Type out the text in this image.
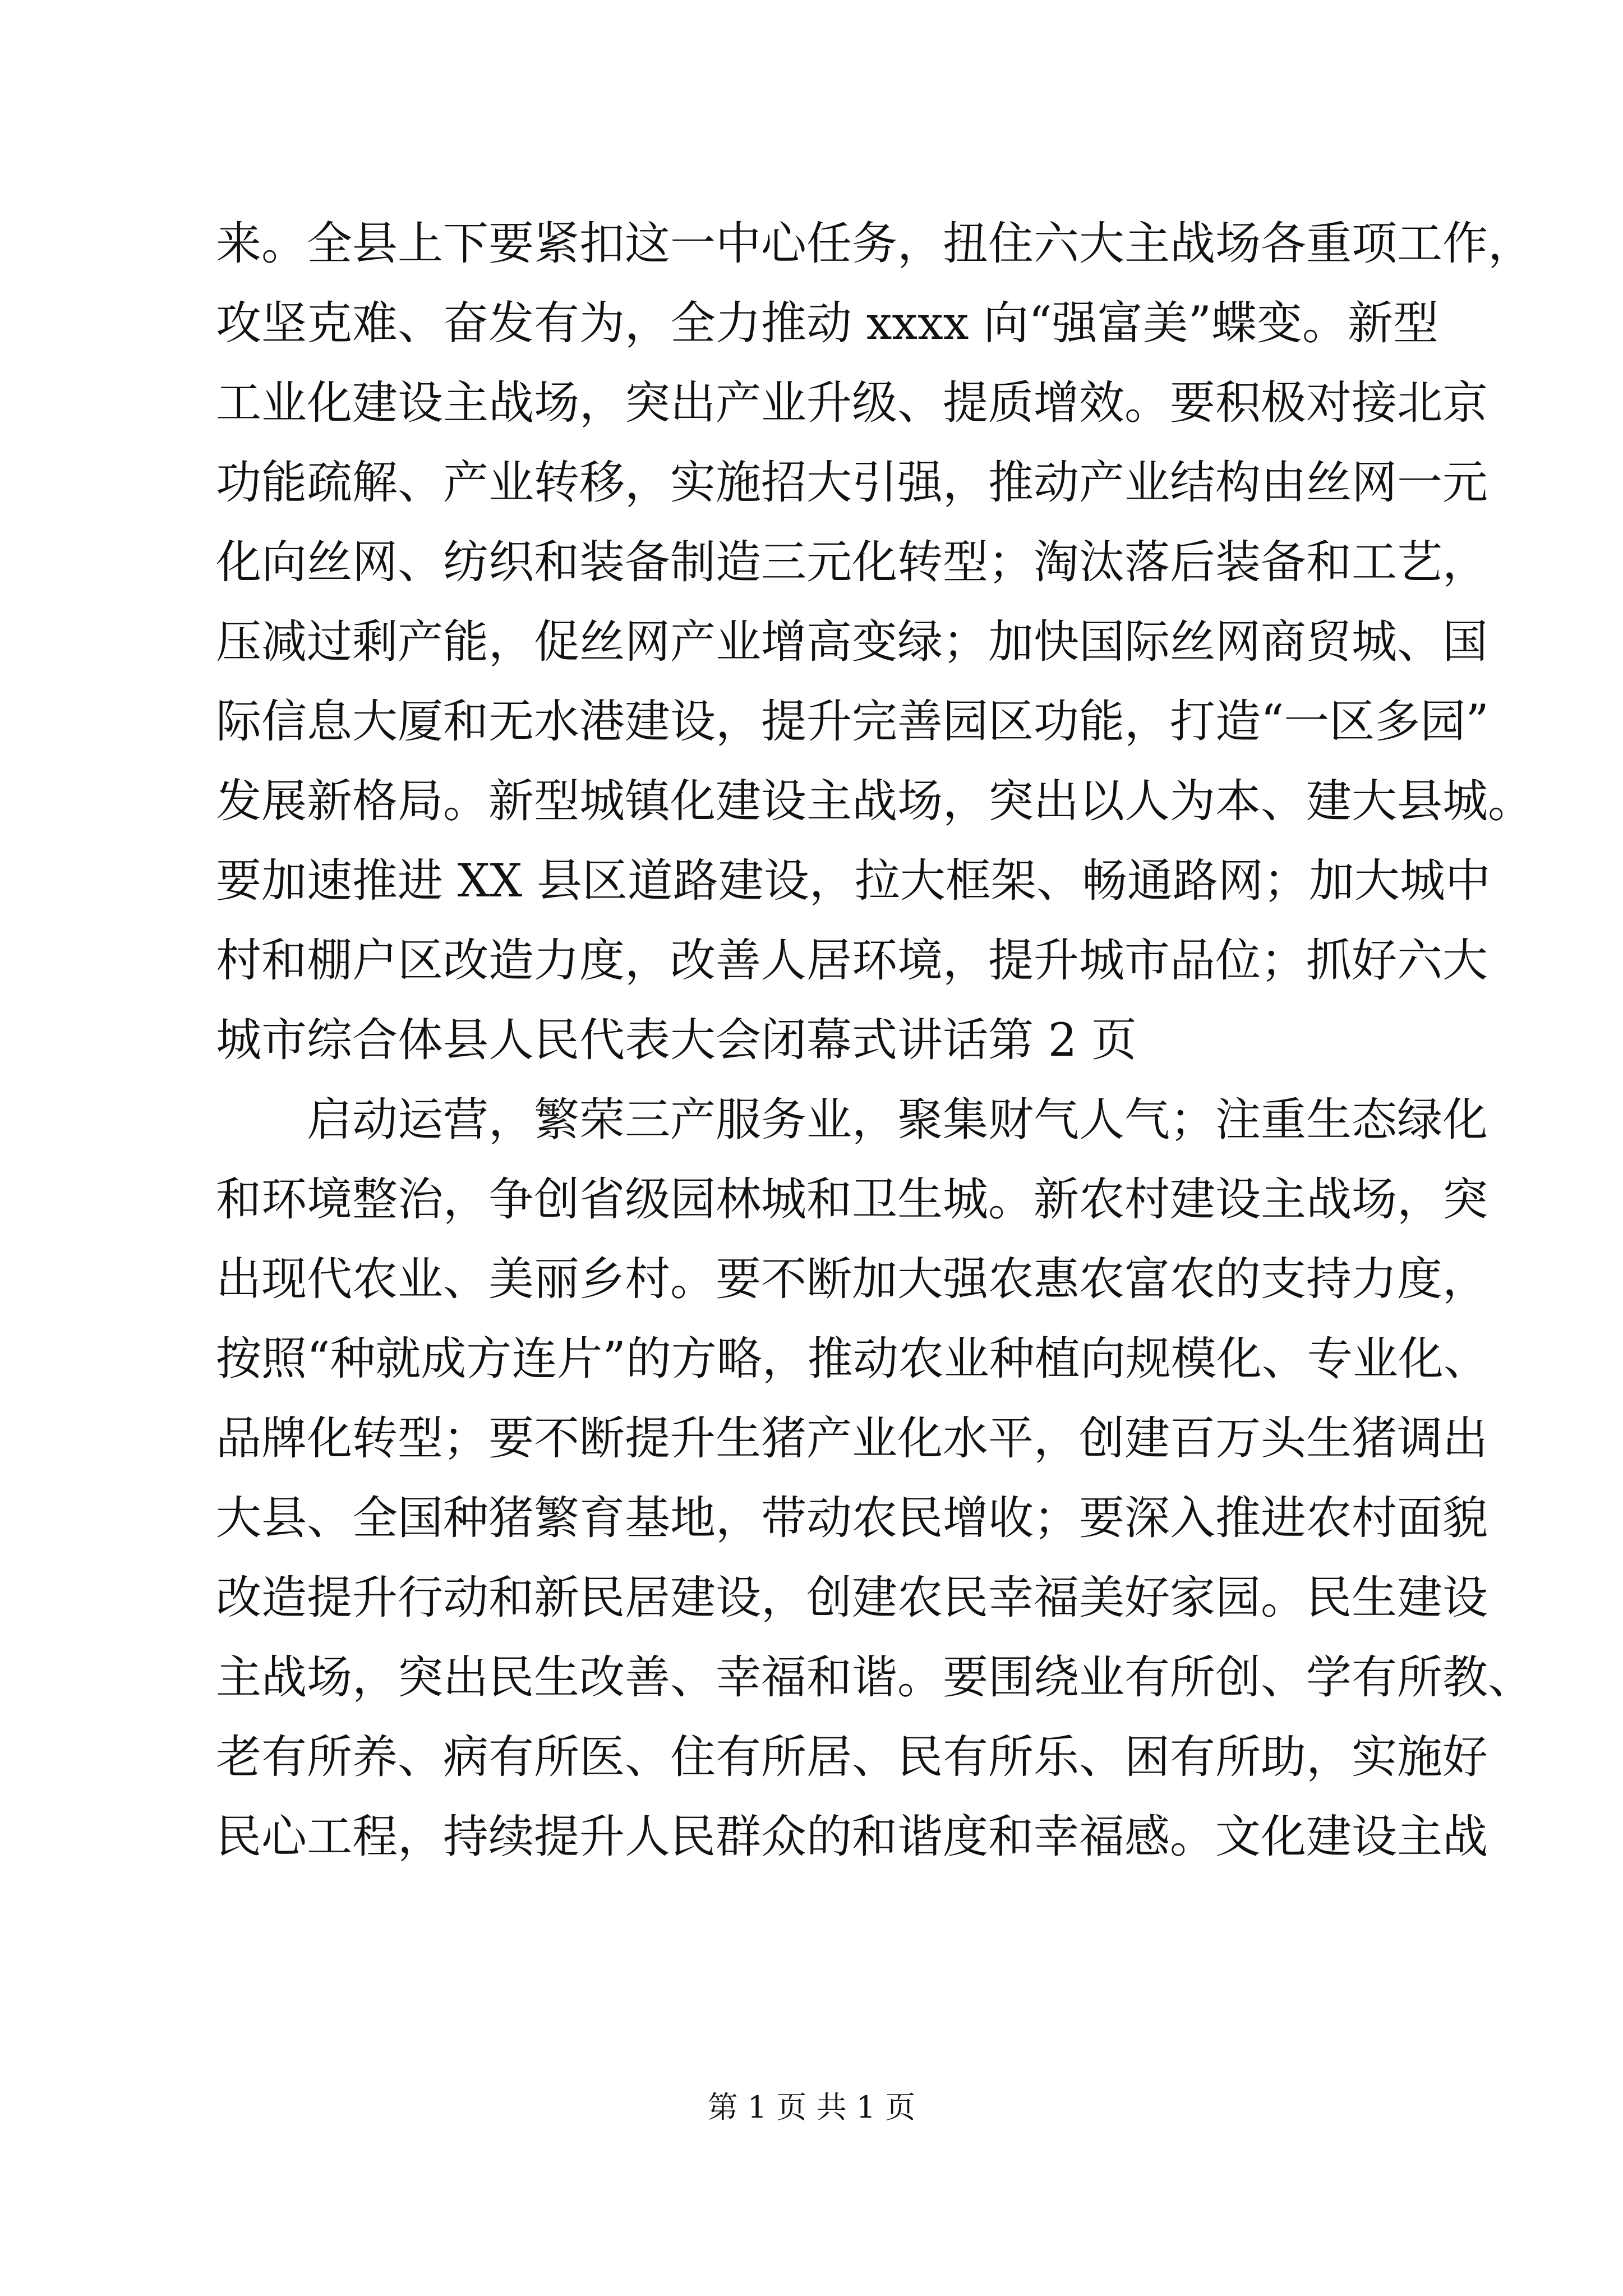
来。全县上下要紧扣这一中心任务，扭住六大主战场各重项工作，
攻坚克难、奋发有为，全力推动 xxxx 向“强富美”蝶变。新型
工业化建设主战场，突出产业升级、提质增效。要积极对接北京
功能疏解、产业转移，实施招大引强，推动产业结构由丝网一元
化向丝网、纺织和装备制造三元化转型；淘汰落后装备和工艺，
压减过剩产能，促丝网产业增高变绿；加快国际丝网商贸城、国
际信息大厦和无水港建设，提升完善园区功能，打造“一区多园”
发展新格局。新型城镇化建设主战场，突出以人为本、建大县城。
要加速推进 XX 县区道路建设，拉大框架、畅通路网；加大城中
村和棚户区改造力度，改善人居环境，提升城市品位；抓好六大
城市综合体县人民代表大会闭幕式讲话第 2 页
　　启动运营，繁荣三产服务业，聚集财气人气；注重生态绿化
和环境整治，争创省级园林城和卫生城。新农村建设主战场，突
出现代农业、美丽乡村。要不断加大强农惠农富农的支持力度，
按照“种就成方连片”的方略，推动农业种植向规模化、专业化、
品牌化转型；要不断提升生猪产业化水平，创建百万头生猪调出
大县、全国种猪繁育基地，带动农民增收；要深入推进农村面貌
改造提升行动和新民居建设，创建农民幸福美好家园。民生建设
主战场，突出民生改善、幸福和谐。要围绕业有所创、学有所教、
老有所养、病有所医、住有所居、民有所乐、困有所助，实施好
民心工程，持续提升人民群众的和谐度和幸福感。文化建设主战
第 1 页 共 1 页
